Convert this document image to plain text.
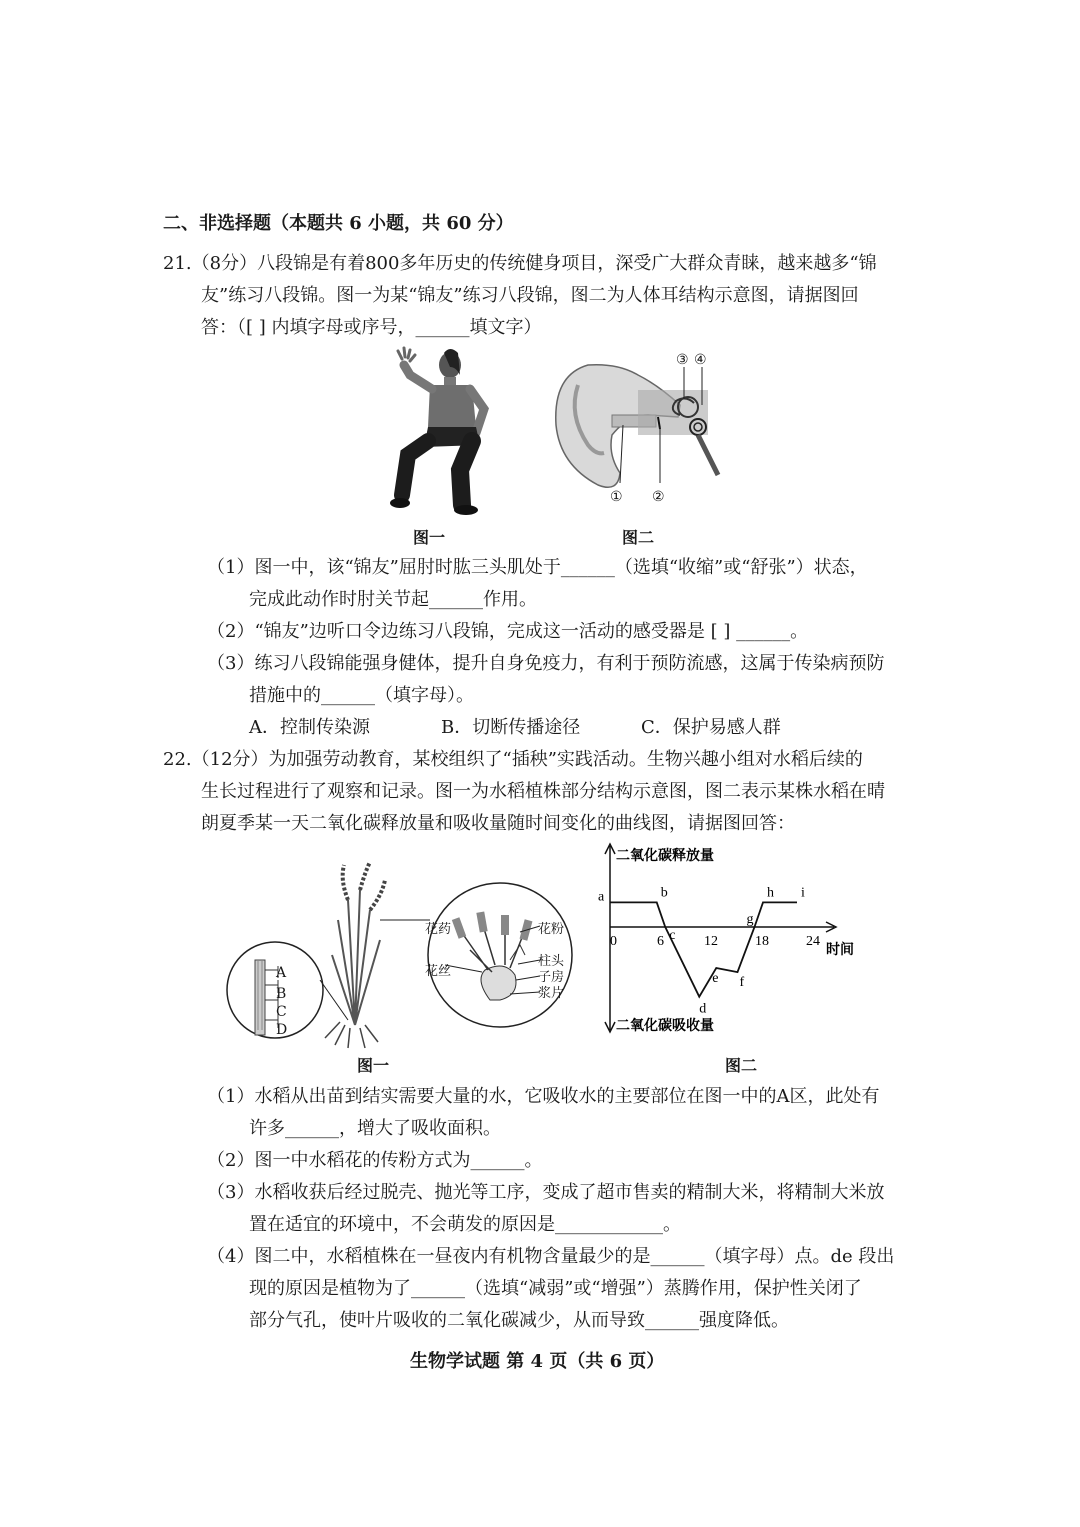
二、非选择题（本题共 6 小题，共 60 分）
21.（8分）八段锦是有着800多年历史的传统健身项目，深受广大群众青睐，越来越多“锦
友”练习八段锦。图一为某“锦友”练习八段锦，图二为人体耳结构示意图，请据图回
答：（[ ] 内填字母或序号，______填文字）
图一
① ②
③ ④
图二
（1）图一中，该“锦友”屈肘时肱三头肌处于______（选填“收缩”或“舒张”）状态，
完成此动作时肘关节起______作用。
（2）“锦友”边听口令边练习八段锦，完成这一活动的感受器是 [ ] ______。
（3）练习八段锦能强身健体，提升自身免疫力，有利于预防流感，这属于传染病预防
措施中的______（填字母）。
A．控制传染源	B．切断传播途径	C．保护易感人群
22.（12分）为加强劳动教育，某校组织了“插秧”实践活动。生物兴趣小组对水稻后续的
生长过程进行了观察和记录。图一为水稻植株部分结构示意图，图二表示某株水稻在晴
朗夏季某一天二氧化碳释放量和吸收量随时间变化的曲线图，请据图回答：
A
B
C
D
花药	花粉
花丝
柱头
子房
浆片
图一
0	6	12	18	24
a	b
c
d
e f
g
h i
二氧化碳释放量
二氧化碳吸收量
时间
图二
（1）水稻从出苗到结实需要大量的水，它吸收水的主要部位在图一中的A区，此处有
许多______，增大了吸收面积。
（2）图一中水稻花的传粉方式为______。
（3）水稻收获后经过脱壳、抛光等工序，变成了超市售卖的精制大米，将精制大米放
置在适宜的环境中，不会萌发的原因是____________。
（4）图二中，水稻植株在一昼夜内有机物含量最少的是______（填字母）点。de 段出
现的原因是植物为了______（选填“减弱”或“增强”）蒸腾作用，保护性关闭了
部分气孔，使叶片吸收的二氧化碳减少，从而导致______强度降低。
生物学试题 第 4 页（共 6 页）
